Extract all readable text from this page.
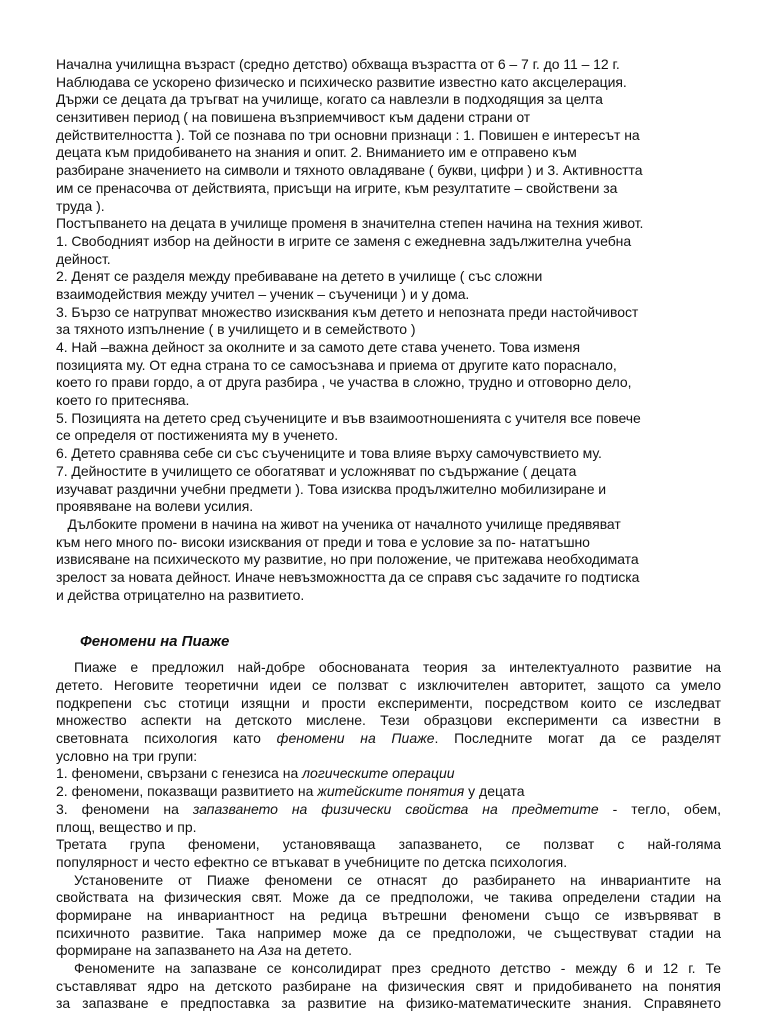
Начална училищна възраст (средно детство) обхваща възрастта от 6 – 7 г. до 11 – 12 г.
Наблюдава се ускорено физическо и психическо развитие известно като аксцелерация.
Държи се децата да тръгват на училище, когато са навлезли в подходящия за целта
сензитивен период ( на повишена възприемчивост към дадени страни от
действителността ). Той се познава по три основни признаци : 1. Повишен е интересът на
децата към придобиването на знания и опит. 2. Вниманието им е отправено към
разбиране значението на символи и тяхното овладяване ( букви, цифри ) и 3. Активността
им се пренасочва от действията, присъщи на игрите, към резултатите – свойствени за
труда ).
Постъпването на децата в училище променя в значителна степен начина на техния живот.
1. Свободният избор на дейности в игрите се заменя с ежедневна задължителна учебна
дейност.
2. Денят се разделя между пребиваване на детето в училище ( със сложни
взаимодействия между учител – ученик – съученици ) и у дома.
3. Бързо се натрупват множество изисквания към детето и непозната преди настойчивост
за тяхното изпълнение ( в училището и в семейството )
4. Най –важна дейност за околните и за самото дете става ученето. Това изменя
позицията му. От една страна то се самосъзнава и приема от другите като пораснало,
което го прави гордо, а от друга разбира , че участва в сложно, трудно и отговорно дело,
което го притеснява.
5. Позицията на детето сред съучениците и във взаимоотношенията с учителя все повече
се определя от постиженията му в ученето.
6. Детето сравнява себе си със съучениците и това влияе върху самочувствието му.
7. Дейностите в училището се обогатяват и усложняват по съдържание ( децата
изучават раздични учебни предмети ). Това изисква продължително мобилизиране и
проявяване на волеви усилия.
Дълбоките промени в начина на живот на ученика от началното училище предявяват
към него много по- високи изисквания от преди и това е условие за по- нататъшно
извисяване на психическото му развитие, но при положение, че притежава необходимата
зрелост за новата дейност. Иначе невъзможността да се справя със задачите го подтиска
и действа отрицателно на развитието.
Феномени на Пиаже
Пиаже е предложил най-добре обоснованата теория за интелектуалното развитие на
детето. Неговите теоретични идеи се ползват с изключителен авторитет, защото са умело
подкрепени със стотици изящни и прости експерименти, посредством които се изследват
множество аспекти на детското мислене. Тези образцови експерименти са известни в
световната психология като феномени на Пиаже. Последните могат да се разделят
условно на три групи:
1. феномени, свързани с генезиса на логическите операции
2. феномени, показващи развитието на житейските понятия у децата
3. феномени на запазването на физически свойства на предметите - тегло, обем,
площ, вещество и пр.
Третата група феномени, установяваща запазването, се ползват с най-голяма
популярност и често ефектно се втъкават в учебниците по детска психология.
Установените от Пиаже феномени се отнасят до разбирането на инвариантите на
свойствата на физическия свят. Може да се предположи, че такива определени стадии на
формиране на инвариантност на редица вътрешни феномени също се извървяват в
психичното развитие. Така например може да се предположи, че съществуват стадии на
формиране на запазването на Аза на детето.
Феномените на запазване се консолидират през средното детство - между 6 и 12 г. Те
съставляват ядро на детското разбиране на физическия свят и придобиването на понятия
за запазване е предпоставка за развитие на физико-математическите знания. Справянето
